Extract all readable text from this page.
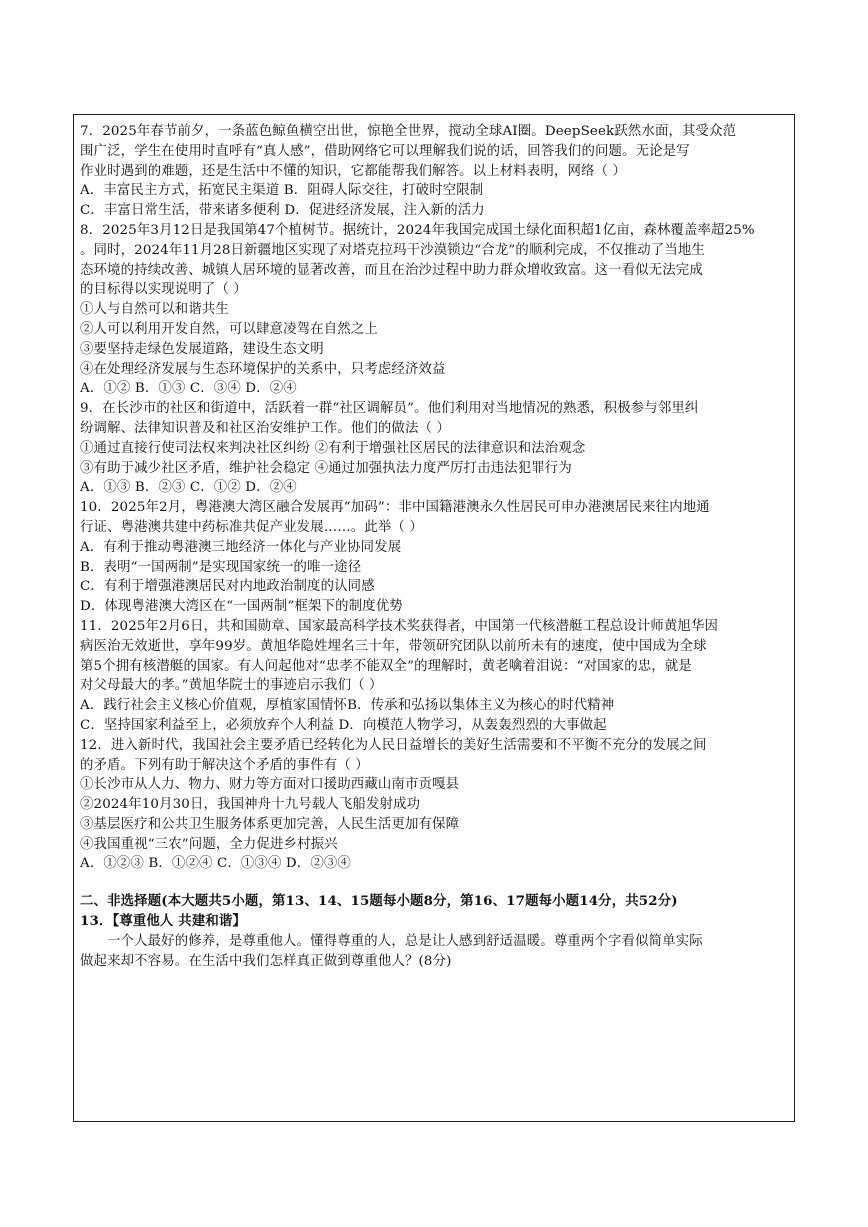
7．2025年春节前夕，一条蓝色鲸鱼横空出世，惊艳全世界，搅动全球AI圈。DeepSeek跃然水面，其受众范
围广泛，学生在使用时直呼有“真人感”，借助网络它可以理解我们说的话，回答我们的问题。无论是写
作业时遇到的难题，还是生活中不懂的知识，它都能帮我们解答。以上材料表明，网络（ ）
A．丰富民主方式，拓宽民主渠道 B．阻碍人际交往，打破时空限制
C．丰富日常生活，带来诸多便利 D．促进经济发展，注入新的活力
8．2025年3月12日是我国第47个植树节。据统计，2024年我国完成国土绿化面积超1亿亩，森林覆盖率超25%
。同时，2024年11月28日新疆地区实现了对塔克拉玛干沙漠锁边“合龙”的顺利完成，不仅推动了当地生
态环境的持续改善、城镇人居环境的显著改善，而且在治沙过程中助力群众增收致富。这一看似无法完成
的目标得以实现说明了（ ）
①人与自然可以和谐共生
②人可以利用开发自然，可以肆意凌驾在自然之上
③要坚持走绿色发展道路，建设生态文明
④在处理经济发展与生态环境保护的关系中，只考虑经济效益
A．①② B．①③ C．③④ D．②④
9．在长沙市的社区和街道中，活跃着一群“社区调解员”。他们利用对当地情况的熟悉，积极参与邻里纠
纷调解、法律知识普及和社区治安维护工作。他们的做法（ ）
①通过直接行使司法权来判决社区纠纷 ②有利于增强社区居民的法律意识和法治观念
③有助于减少社区矛盾，维护社会稳定 ④通过加强执法力度严厉打击违法犯罪行为
A．①③ B．②③ C．①② D．②④
10．2025年2月，粤港澳大湾区融合发展再“加码”：非中国籍港澳永久性居民可申办港澳居民来往内地通
行证、粤港澳共建中药标准共促产业发展……。此举（ ）
A．有利于推动粤港澳三地经济一体化与产业协同发展
B．表明“一国两制”是实现国家统一的唯一途径
C．有利于增强港澳居民对内地政治制度的认同感
D．体现粤港澳大湾区在“一国两制”框架下的制度优势
11．2025年2月6日，共和国勋章、国家最高科学技术奖获得者，中国第一代核潜艇工程总设计师黄旭华因
病医治无效逝世，享年99岁。黄旭华隐姓埋名三十年，带领研究团队以前所未有的速度，使中国成为全球
第5个拥有核潜艇的国家。有人问起他对“忠孝不能双全”的理解时，黄老噙着泪说：“对国家的忠，就是
对父母最大的孝。”黄旭华院士的事迹启示我们（ ）
A．践行社会主义核心价值观，厚植家国情怀B．传承和弘扬以集体主义为核心的时代精神
C．坚持国家利益至上，必须放弃个人利益 D．向模范人物学习，从轰轰烈烈的大事做起
12．进入新时代，我国社会主要矛盾已经转化为人民日益增长的美好生活需要和不平衡不充分的发展之间
的矛盾。下列有助于解决这个矛盾的事件有（ ）
①长沙市从人力、物力、财力等方面对口援助西藏山南市贡嘎县
②2024年10月30日，我国神舟十九号载人飞船发射成功
③基层医疗和公共卫生服务体系更加完善，人民生活更加有保障
④我国重视“三农”问题，全力促进乡村振兴
A．①②③ B．①②④ C．①③④ D．②③④
二、非选择题(本大题共5小题，第13、14、15题每小题8分，第16、17题每小题14分，共52分)
13．【尊重他人 共建和谐】
一个人最好的修养，是尊重他人。懂得尊重的人，总是让人感到舒适温暖。尊重两个字看似简单实际
做起来却不容易。在生活中我们怎样真正做到尊重他人？(8分)
